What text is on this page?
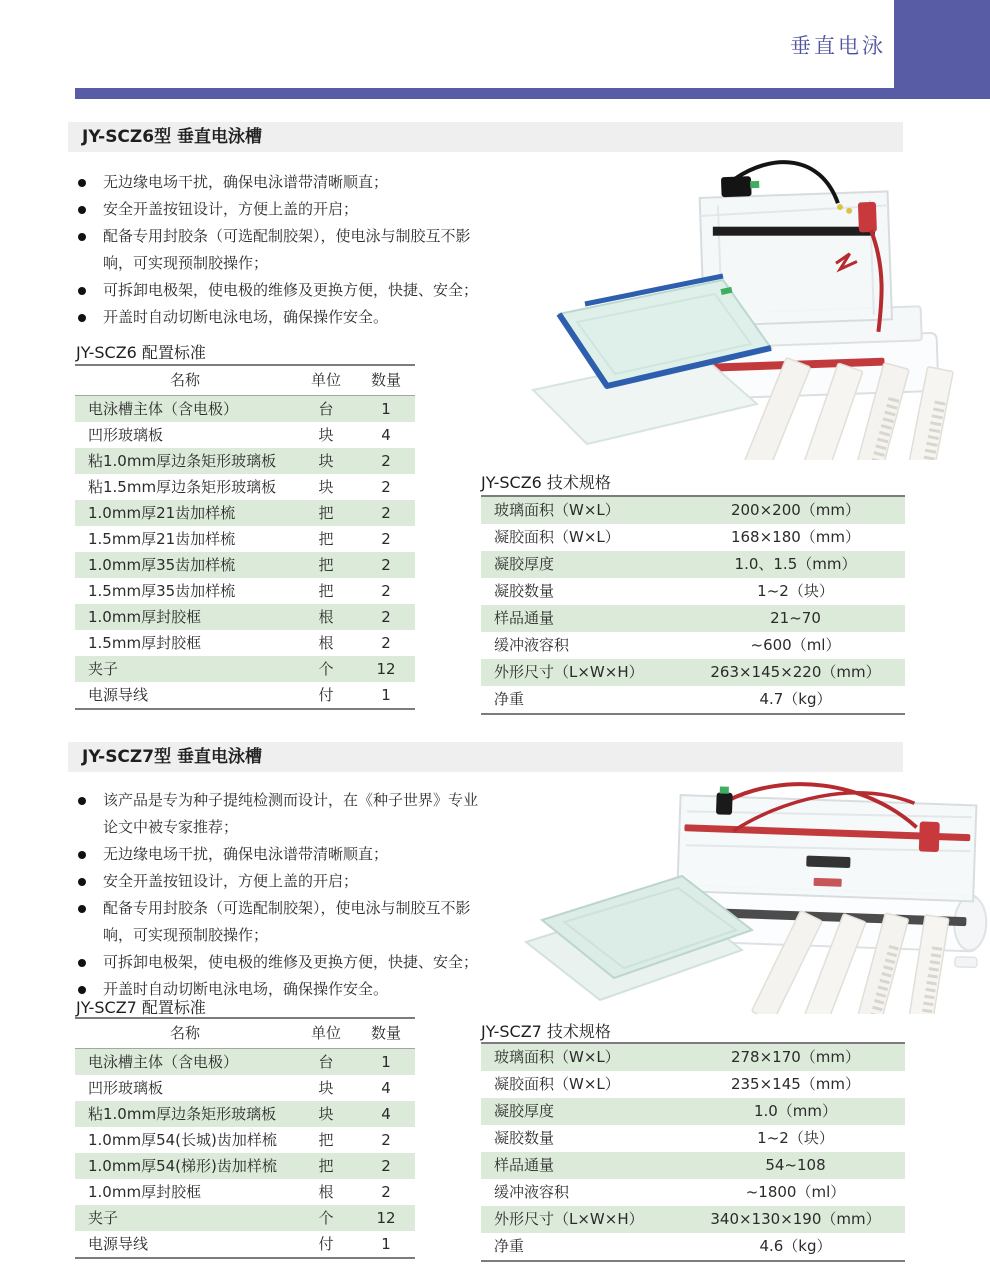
垂直电泳
JY-SCZ6型 垂直电泳槽
无边缘电场干扰，确保电泳谱带清晰顺直；
安全开盖按钮设计，方便上盖的开启；
配备专用封胶条（可选配制胶架），使电泳与制胶互不影响，可实现预制胶操作；
可拆卸电极架，使电极的维修及更换方便，快捷、安全；
开盖时自动切断电泳电场，确保操作安全。
JY-SCZ6 配置标准
名称	单位	数量
电泳槽主体（含电极）	台	1
凹形玻璃板	块	4
粘1.0mm厚边条矩形玻璃板	块	2
粘1.5mm厚边条矩形玻璃板	块	2
1.0mm厚21齿加样梳	把	2
1.5mm厚21齿加样梳	把	2
1.0mm厚35齿加样梳	把	2
1.5mm厚35齿加样梳	把	2
1.0mm厚封胶框	根	2
1.5mm厚封胶框	根	2
夹子	个	12
电源导线	付	1
JY-SCZ6 技术规格
玻璃面积（W×L）	200×200（mm）
凝胶面积（W×L）	168×180（mm）
凝胶厚度	1.0、1.5（mm）
凝胶数量	1~2（块）
样品通量	21~70
缓冲液容积	~600（ml）
外形尺寸（L×W×H）	263×145×220（mm）
净重	4.7（kg）
JY-SCZ7型 垂直电泳槽
该产品是专为种子提纯检测而设计，在《种子世界》专业论文中被专家推荐；
无边缘电场干扰，确保电泳谱带清晰顺直；
安全开盖按钮设计，方便上盖的开启；
配备专用封胶条（可选配制胶架），使电泳与制胶互不影响，可实现预制胶操作；
可拆卸电极架，使电极的维修及更换方便，快捷、安全；
开盖时自动切断电泳电场，确保操作安全。
JY-SCZ7 配置标准
名称	单位	数量
电泳槽主体（含电极）	台	1
凹形玻璃板	块	4
粘1.0mm厚边条矩形玻璃板	块	4
1.0mm厚54(长城)齿加样梳	把	2
1.0mm厚54(梯形)齿加样梳	把	2
1.0mm厚封胶框	根	2
夹子	个	12
电源导线	付	1
JY-SCZ7 技术规格
玻璃面积（W×L）	278×170（mm）
凝胶面积（W×L）	235×145（mm）
凝胶厚度	1.0（mm）
凝胶数量	1~2（块）
样品通量	54~108
缓冲液容积	~1800（ml）
外形尺寸（L×W×H）	340×130×190（mm）
净重	4.6（kg）
